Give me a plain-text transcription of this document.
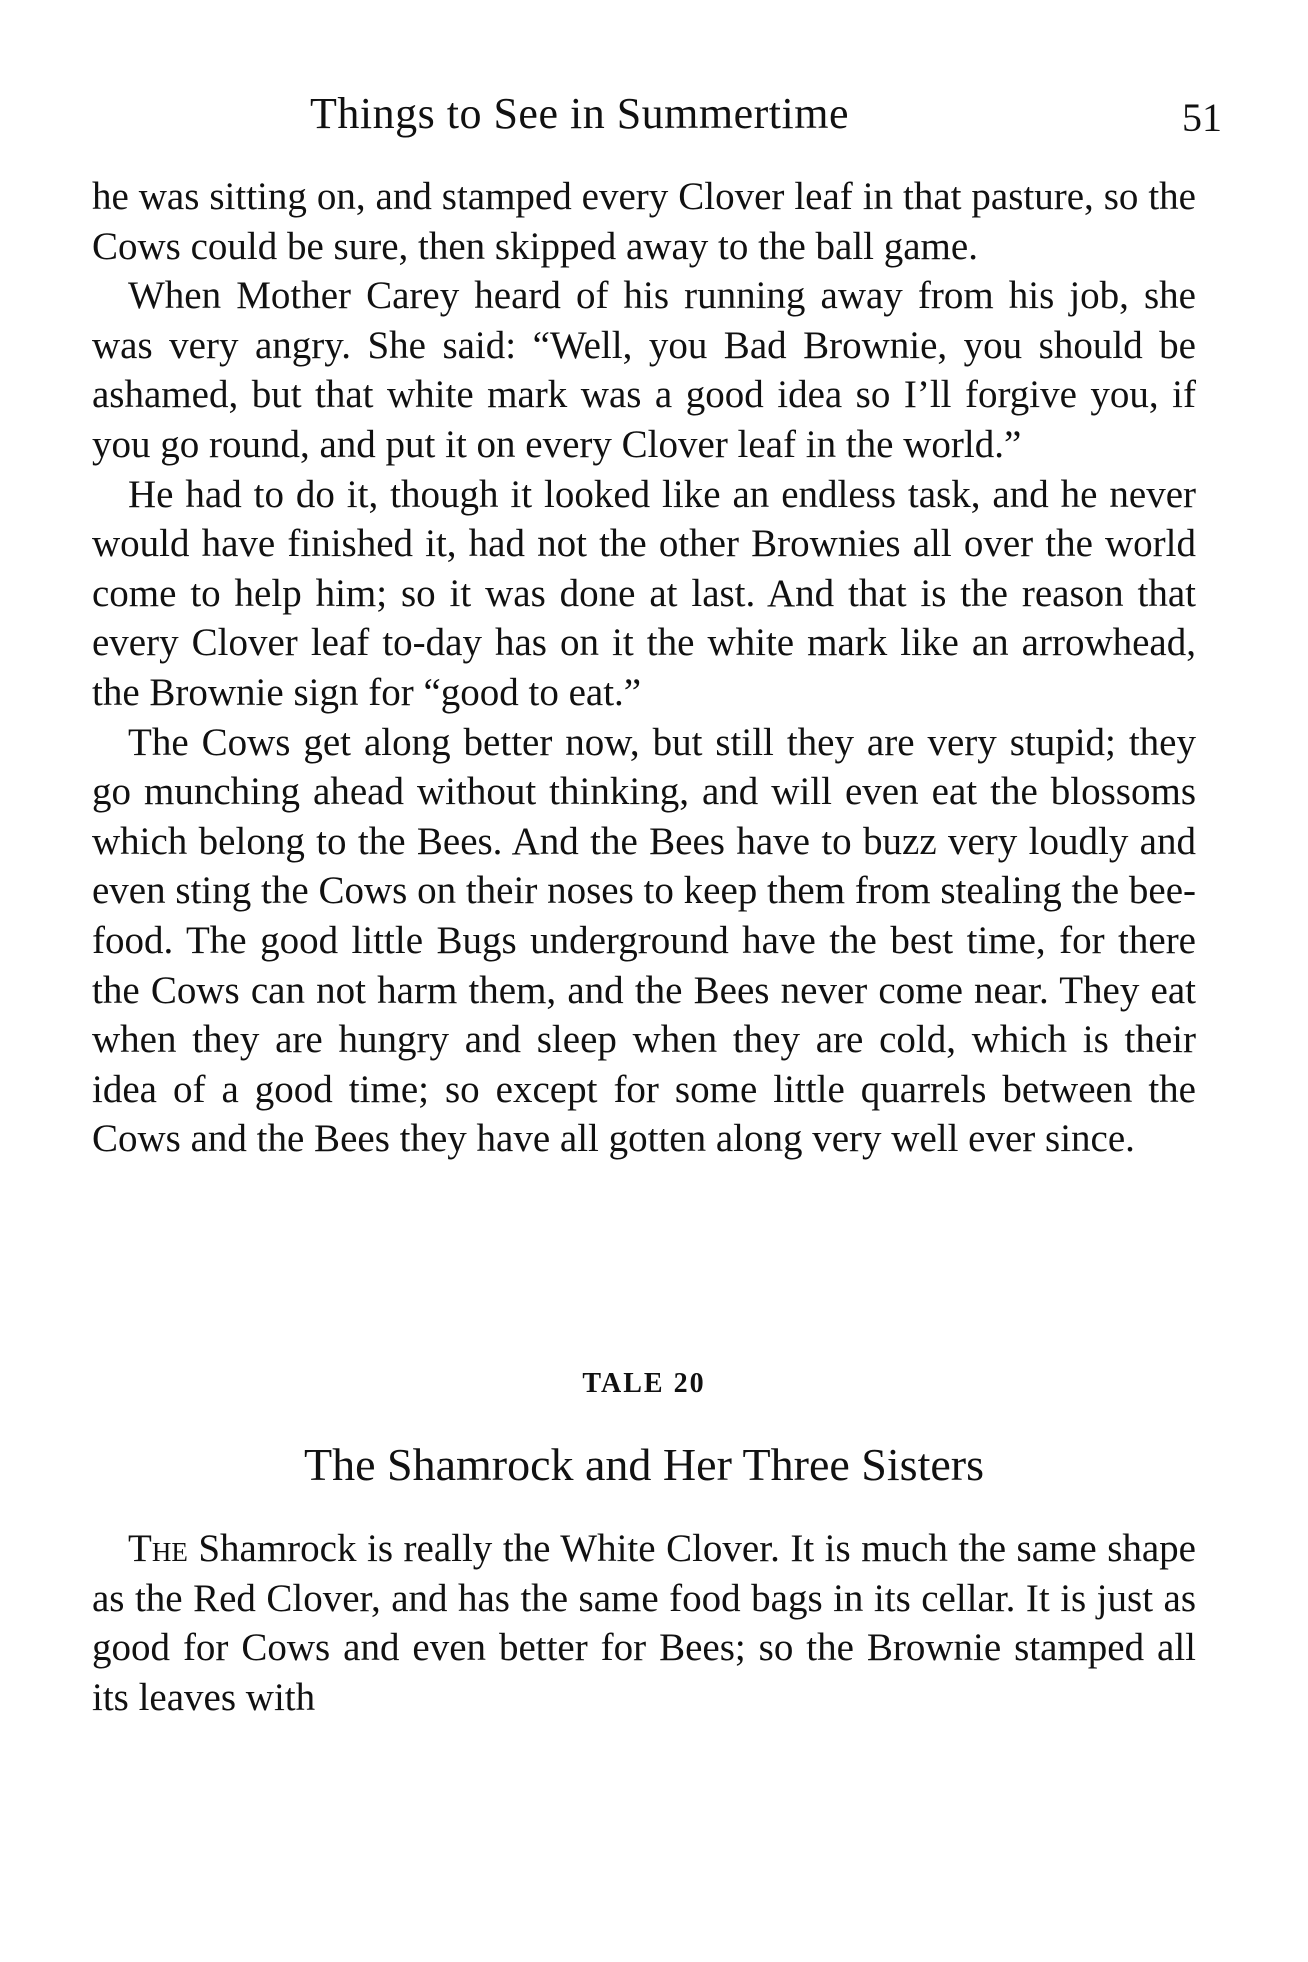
Things to See in Summertime	51

he was sitting on, and stamped every Clover leaf in that pasture, so the Cows could be sure, then skipped away to the ball game.

When Mother Carey heard of his running away from his job, she was very angry. She said: “Well, you Bad Brownie, you should be ashamed, but that white mark was a good idea so I’ll forgive you, if you go round, and put it on every Clover leaf in the world.”

He had to do it, though it looked like an endless task, and he never would have finished it, had not the other Brownies all over the world come to help him; so it was done at last. And that is the reason that every Clover leaf to-day has on it the white mark like an arrowhead, the Brownie sign for “good to eat.”

The Cows get along better now, but still they are very stupid; they go munching ahead without thinking, and will even eat the blossoms which belong to the Bees. And the Bees have to buzz very loudly and even sting the Cows on their noses to keep them from stealing the bee-food. The good little Bugs underground have the best time, for there the Cows can not harm them, and the Bees never come near. They eat when they are hungry and sleep when they are cold, which is their idea of a good time; so except for some little quarrels between the Cows and the Bees they have all gotten along very well ever since.

TALE 20
The Shamrock and Her Three Sisters

The Shamrock is really the White Clover. It is much the same shape as the Red Clover, and has the same food bags in its cellar. It is just as good for Cows and even better for Bees; so the Brownie stamped all its leaves with
